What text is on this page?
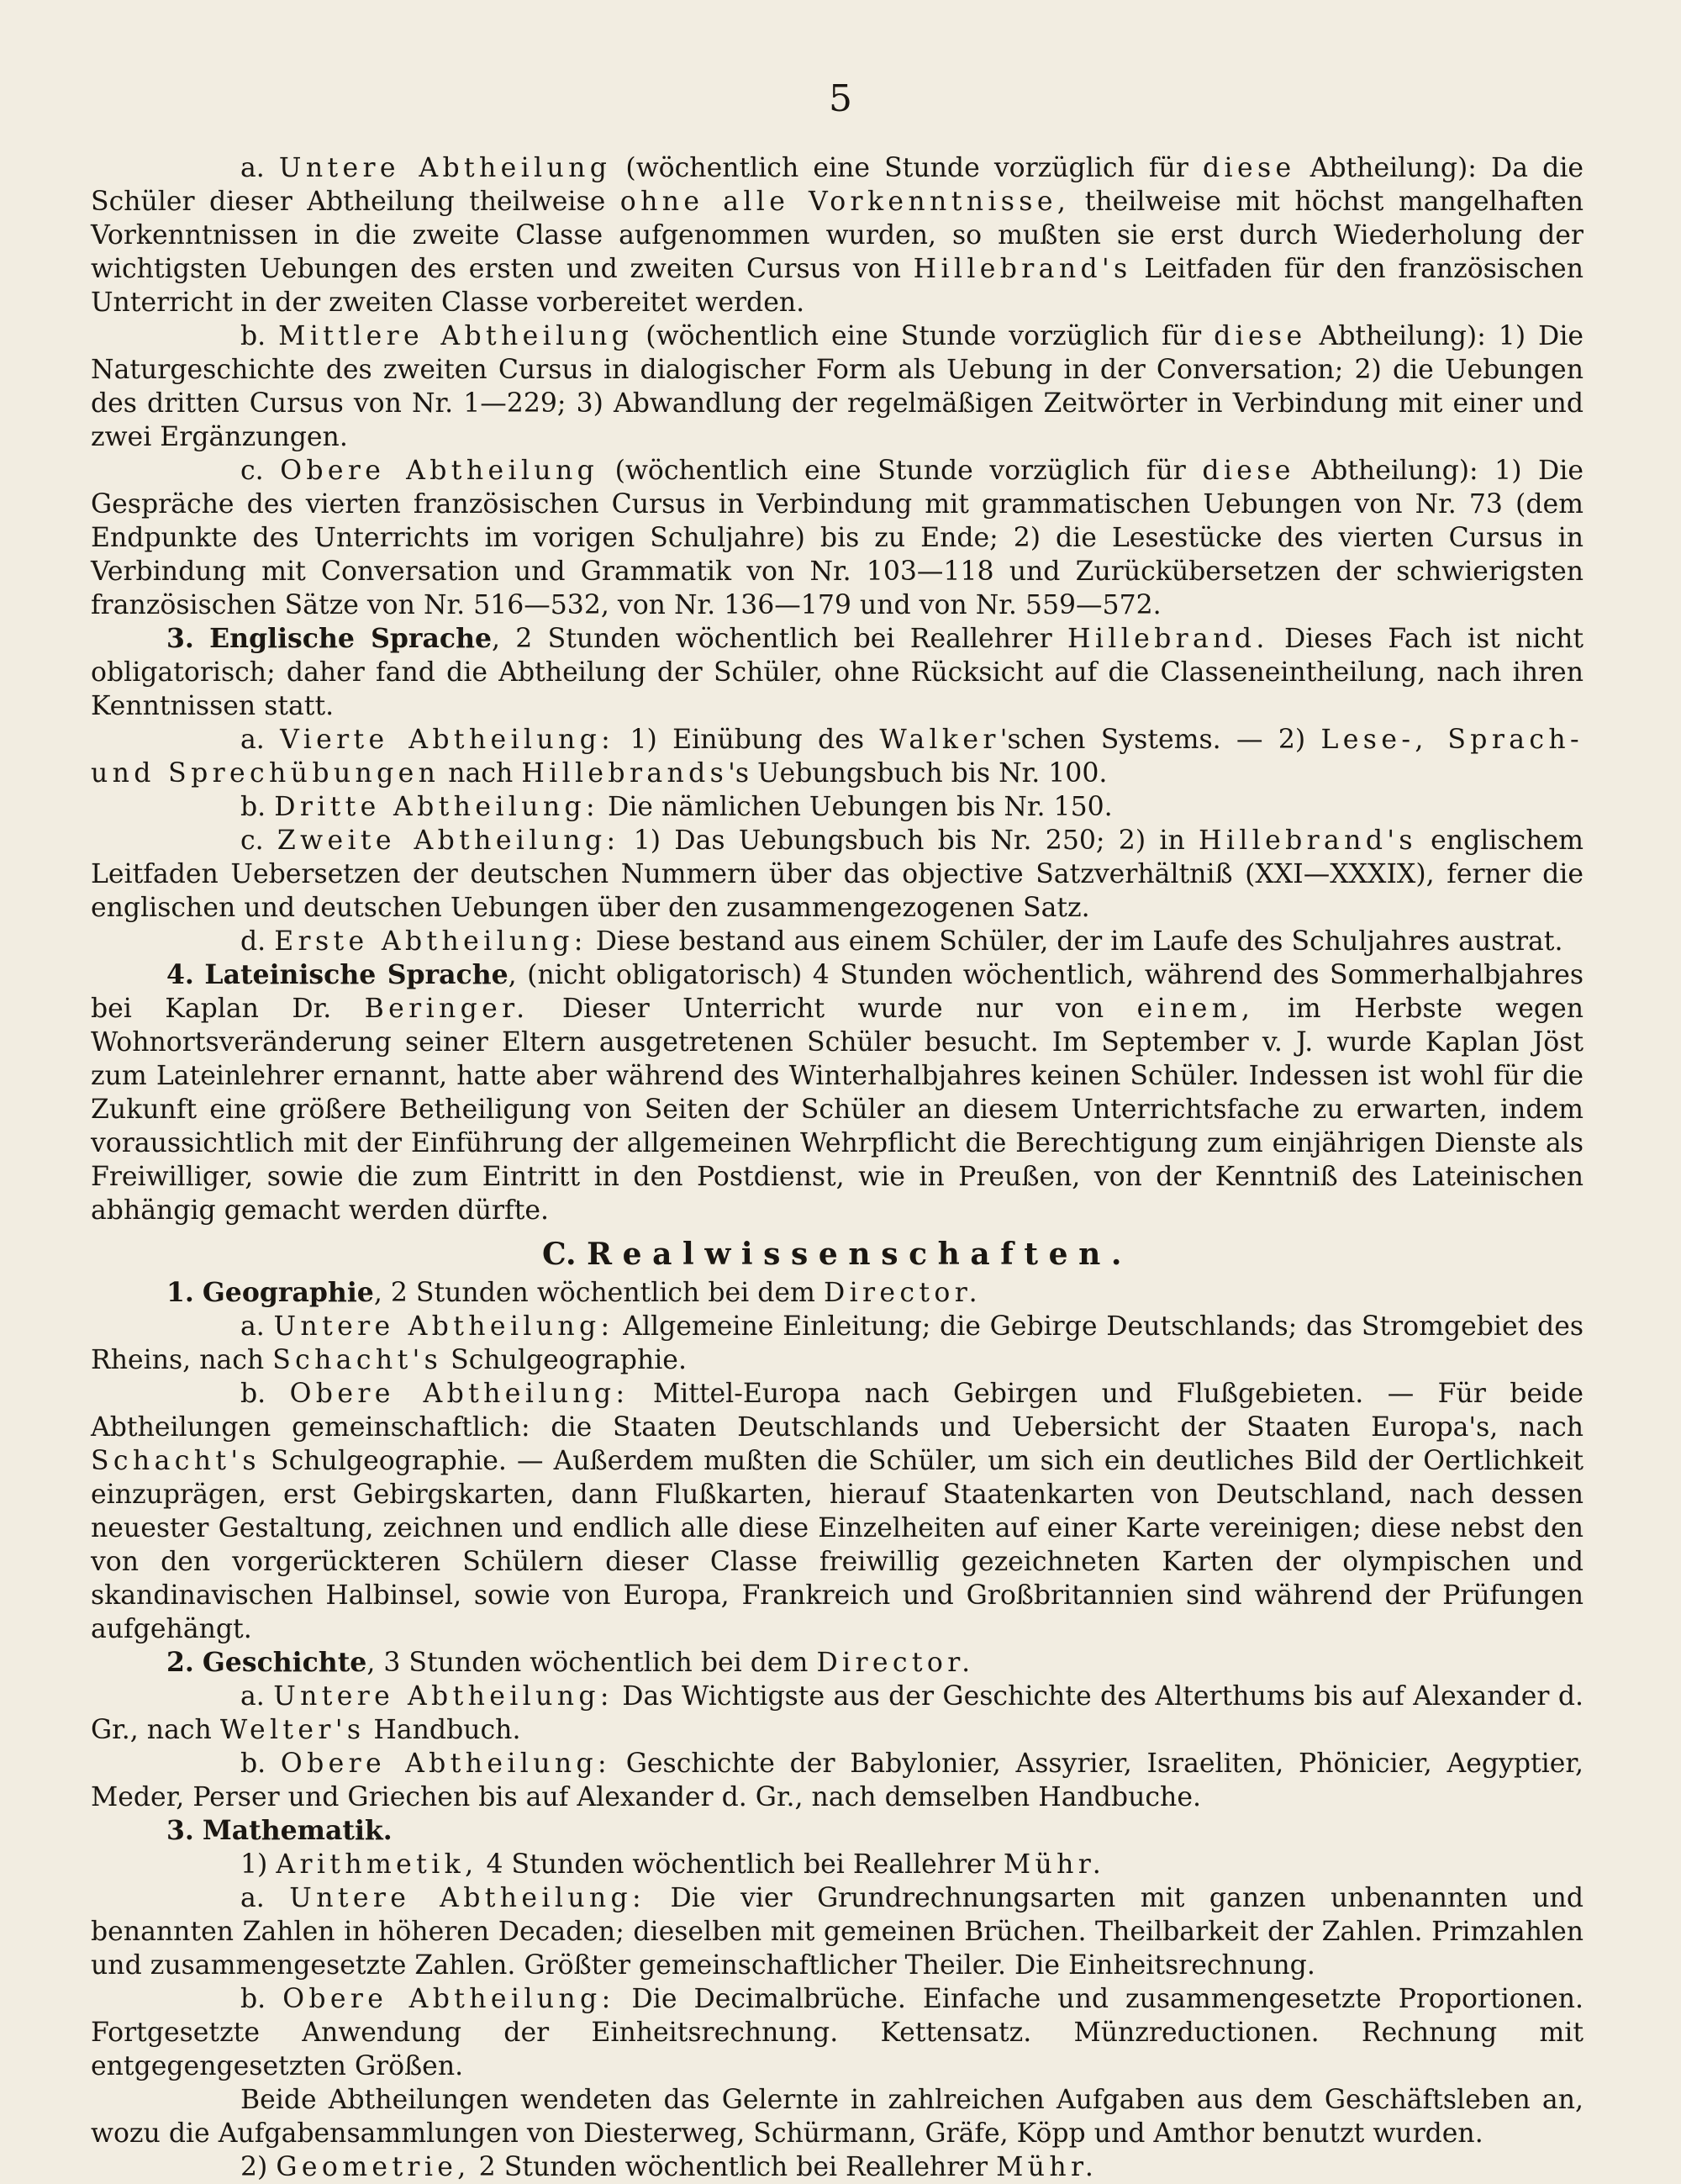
5

a. Untere Abtheilung (wöchentlich eine Stunde vorzüglich für diese Abtheilung): Da die Schüler dieser Abtheilung theilweise ohne alle Vorkenntnisse, theilweise mit höchst mangelhaften Vorkenntnissen in die zweite Classe aufgenommen wurden, so mußten sie erst durch Wiederholung der wichtigsten Uebungen des ersten und zweiten Cursus von Hillebrand's Leitfaden für den französischen Unterricht in der zweiten Classe vorbereitet werden.

b. Mittlere Abtheilung (wöchentlich eine Stunde vorzüglich für diese Abtheilung): 1) Die Naturgeschichte des zweiten Cursus in dialogischer Form als Uebung in der Conversation; 2) die Uebungen des dritten Cursus von Nr. 1—229; 3) Abwandlung der regelmäßigen Zeitwörter in Verbindung mit einer und zwei Ergänzungen.

c. Obere Abtheilung (wöchentlich eine Stunde vorzüglich für diese Abtheilung): 1) Die Gespräche des vierten französischen Cursus in Verbindung mit grammatischen Uebungen von Nr. 73 (dem Endpunkte des Unterrichts im vorigen Schuljahre) bis zu Ende; 2) die Lesestücke des vierten Cursus in Verbindung mit Conversation und Grammatik von Nr. 103—118 und Zurückübersetzen der schwierigsten französischen Sätze von Nr. 516—532, von Nr. 136—179 und von Nr. 559—572.

3. Englische Sprache, 2 Stunden wöchentlich bei Reallehrer Hillebrand. Dieses Fach ist nicht obligatorisch; daher fand die Abtheilung der Schüler, ohne Rücksicht auf die Classeneintheilung, nach ihren Kenntnissen statt.

a. Vierte Abtheilung: 1) Einübung des Walker'schen Systems. — 2) Lese-, Sprach- und Sprechübungen nach Hillebrands's Uebungsbuch bis Nr. 100.

b. Dritte Abtheilung: Die nämlichen Uebungen bis Nr. 150.

c. Zweite Abtheilung: 1) Das Uebungsbuch bis Nr. 250; 2) in Hillebrand's englischem Leitfaden Uebersetzen der deutschen Nummern über das objective Satzverhältniß (XXI—XXXIX), ferner die englischen und deutschen Uebungen über den zusammengezogenen Satz.

d. Erste Abtheilung: Diese bestand aus einem Schüler, der im Laufe des Schuljahres austrat.

4. Lateinische Sprache, (nicht obligatorisch) 4 Stunden wöchentlich, während des Sommerhalbjahres bei Kaplan Dr. Beringer. Dieser Unterricht wurde nur von einem, im Herbste wegen Wohnortsveränderung seiner Eltern ausgetretenen Schüler besucht. Im September v. J. wurde Kaplan Jöst zum Lateinlehrer ernannt, hatte aber während des Winterhalbjahres keinen Schüler. Indessen ist wohl für die Zukunft eine größere Betheiligung von Seiten der Schüler an diesem Unterrichtsfache zu erwarten, indem voraussichtlich mit der Einführung der allgemeinen Wehrpflicht die Berechtigung zum einjährigen Dienste als Freiwilliger, sowie die zum Eintritt in den Postdienst, wie in Preußen, von der Kenntniß des Lateinischen abhängig gemacht werden dürfte.

C. Realwissenschaften.

1. Geographie, 2 Stunden wöchentlich bei dem Director.

a. Untere Abtheilung: Allgemeine Einleitung; die Gebirge Deutschlands; das Stromgebiet des Rheins, nach Schacht's Schulgeographie.

b. Obere Abtheilung: Mittel-Europa nach Gebirgen und Flußgebieten. — Für beide Abtheilungen gemeinschaftlich: die Staaten Deutschlands und Uebersicht der Staaten Europa's, nach Schacht's Schulgeographie. — Außerdem mußten die Schüler, um sich ein deutliches Bild der Oertlichkeit einzuprägen, erst Gebirgskarten, dann Flußkarten, hierauf Staatenkarten von Deutschland, nach dessen neuester Gestaltung, zeichnen und endlich alle diese Einzelheiten auf einer Karte vereinigen; diese nebst den von den vorgerückteren Schülern dieser Classe freiwillig gezeichneten Karten der olympischen und skandinavischen Halbinsel, sowie von Europa, Frankreich und Großbritannien sind während der Prüfungen aufgehängt.

2. Geschichte, 3 Stunden wöchentlich bei dem Director.

a. Untere Abtheilung: Das Wichtigste aus der Geschichte des Alterthums bis auf Alexander d. Gr., nach Welter's Handbuch.

b. Obere Abtheilung: Geschichte der Babylonier, Assyrier, Israeliten, Phönicier, Aegyptier, Meder, Perser und Griechen bis auf Alexander d. Gr., nach demselben Handbuche.

3. Mathematik.

1) Arithmetik, 4 Stunden wöchentlich bei Reallehrer Mühr.

a. Untere Abtheilung: Die vier Grundrechnungsarten mit ganzen unbenannten und benannten Zahlen in höheren Decaden; dieselben mit gemeinen Brüchen. Theilbarkeit der Zahlen. Primzahlen und zusammengesetzte Zahlen. Größter gemeinschaftlicher Theiler. Die Einheitsrechnung.

b. Obere Abtheilung: Die Decimalbrüche. Einfache und zusammengesetzte Proportionen. Fortgesetzte Anwendung der Einheitsrechnung. Kettensatz. Münzreductionen. Rechnung mit entgegengesetzten Größen.

Beide Abtheilungen wendeten das Gelernte in zahlreichen Aufgaben aus dem Geschäftsleben an, wozu die Aufgabensammlungen von Diesterweg, Schürmann, Gräfe, Köpp und Amthor benutzt wurden.

2) Geometrie, 2 Stunden wöchentlich bei Reallehrer Mühr.
